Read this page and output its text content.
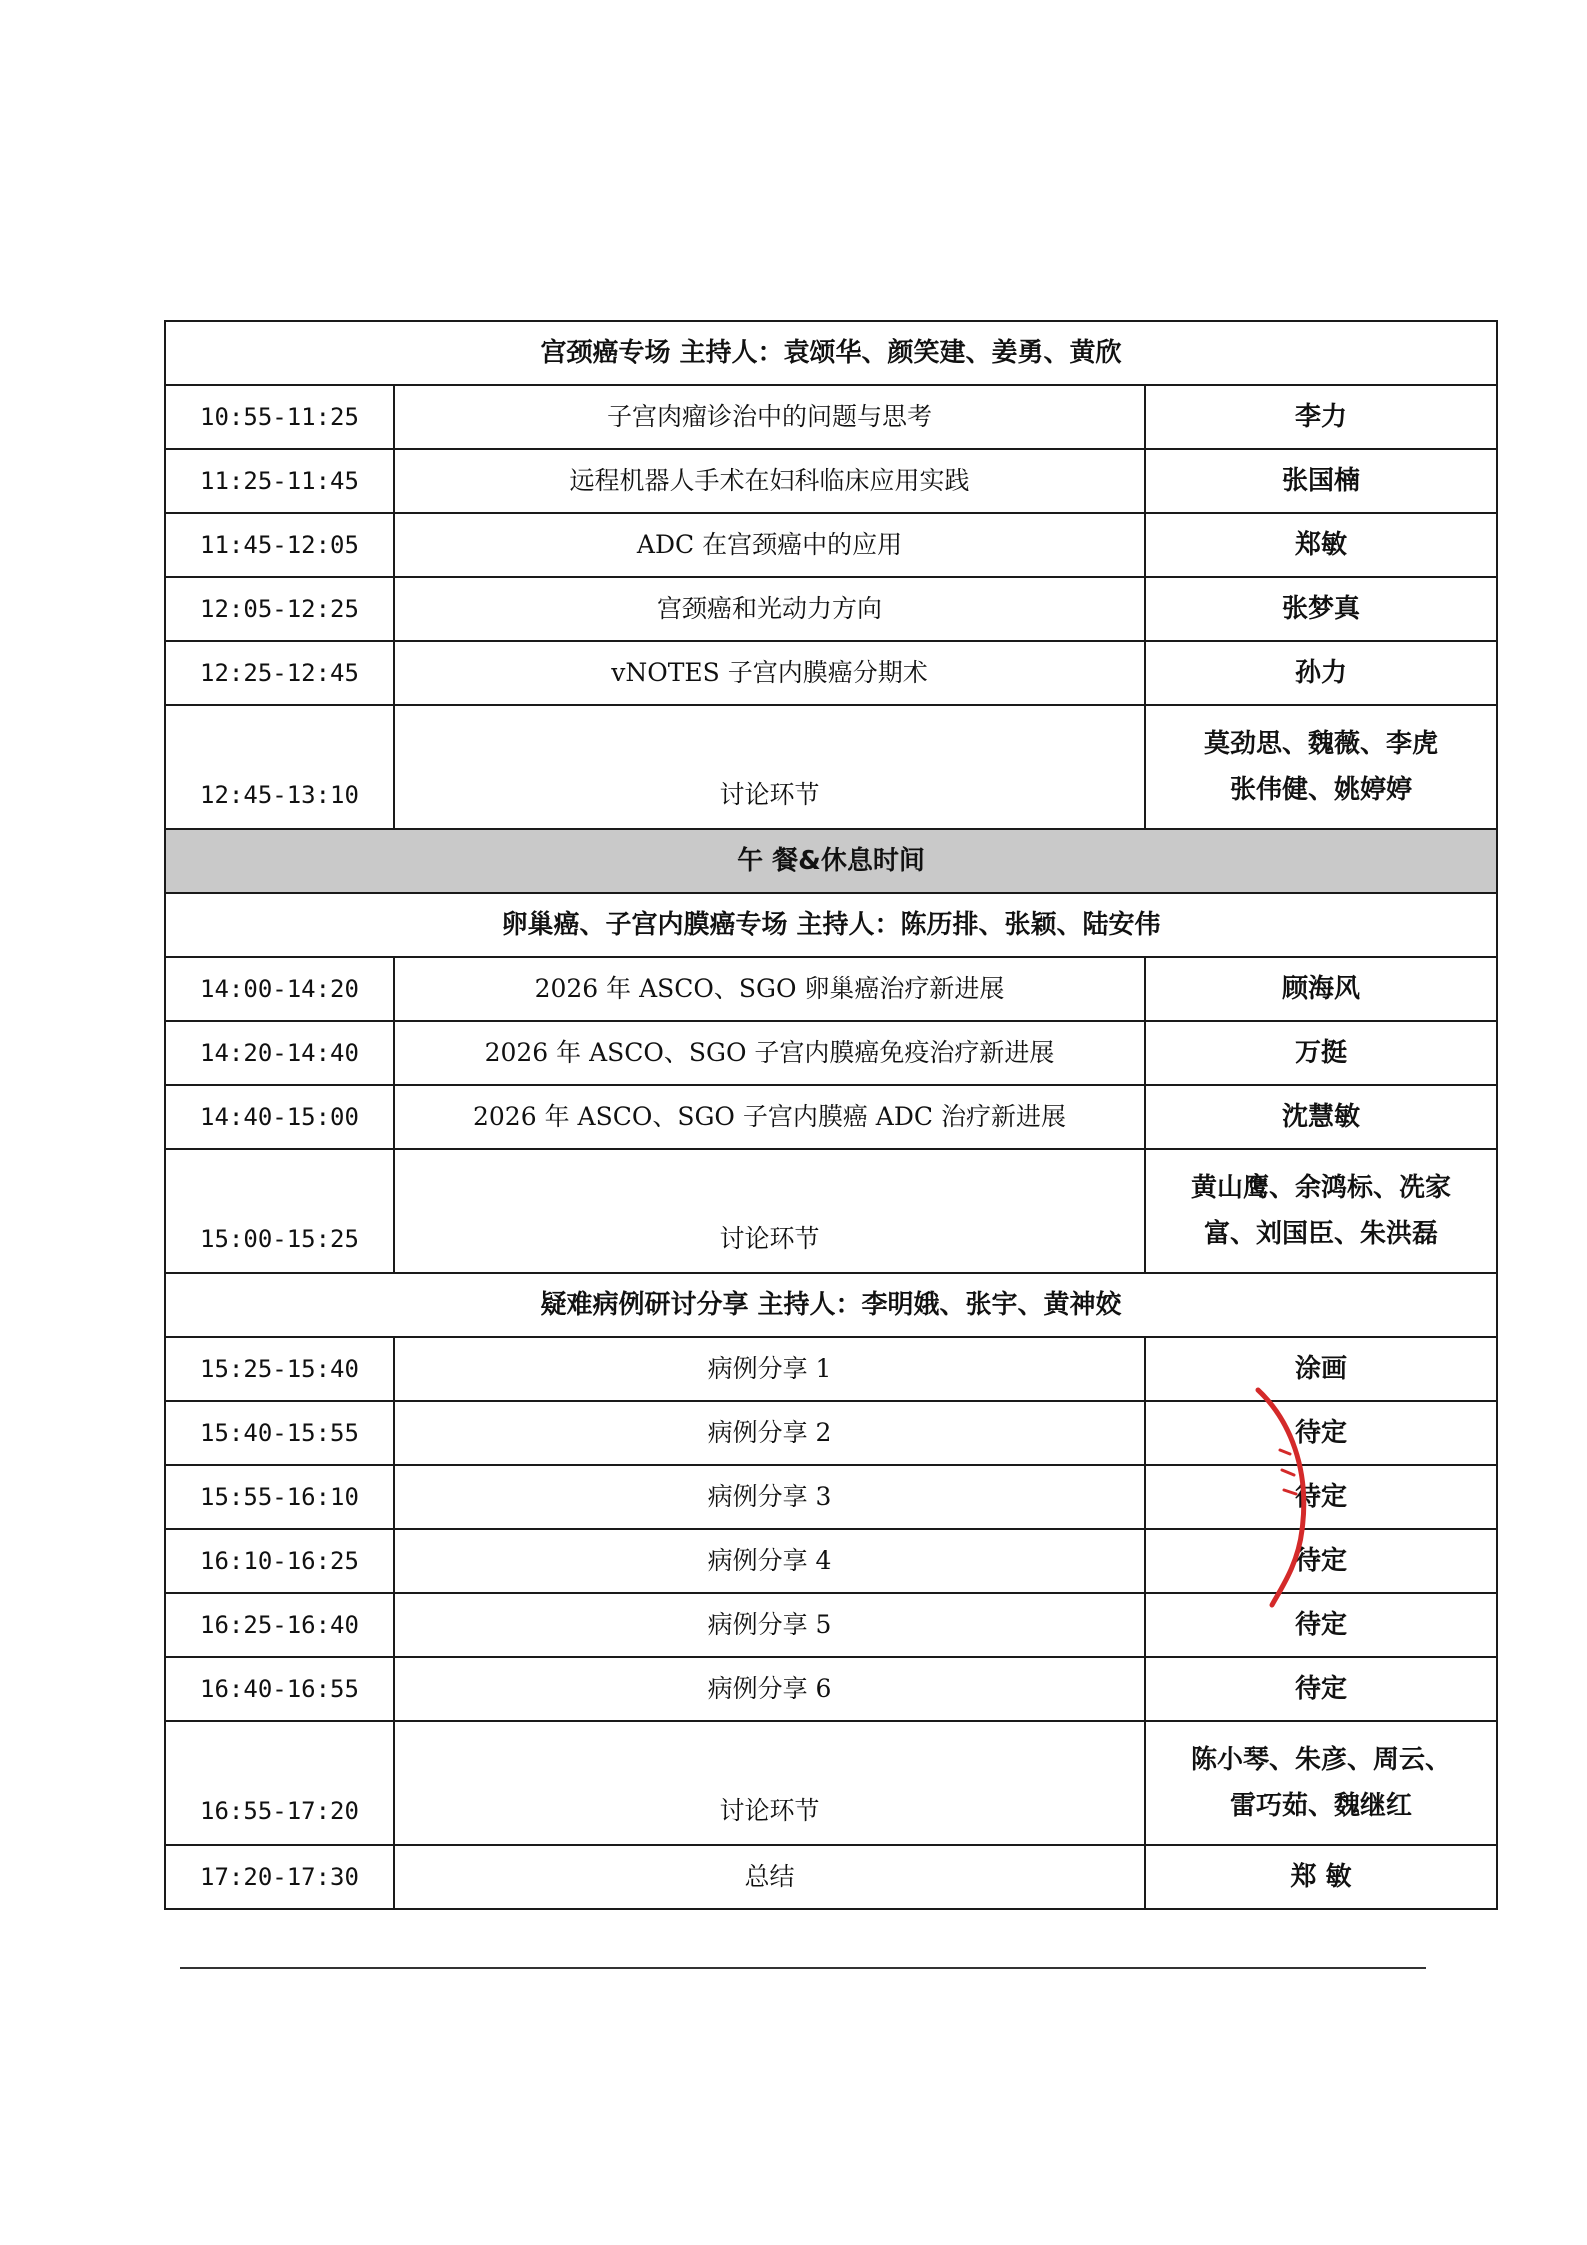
宫颈癌专场 主持人：袁颂华、颜笑建、姜勇、黄欣		
10:55-11:25	子宫肉瘤诊治中的问题与思考	李力
11:25-11:45	远程机器人手术在妇科临床应用实践	张国楠
11:45-12:05	ADC 在宫颈癌中的应用	郑敏
12:05-12:25	宫颈癌和光动力方向	张梦真
12:25-12:45	vNOTES 子宫内膜癌分期术	孙力
12:45-13:10	讨论环节	莫劲思、魏薇、李虎
张伟健、姚婷婷

午 餐&休息时间		
卵巢癌、子宫内膜癌专场 主持人：陈历排、张颖、陆安伟		
14:00-14:20	2026 年 ASCO、SGO 卵巢癌治疗新进展	顾海风
14:20-14:40	2026 年 ASCO、SGO 子宫内膜癌免疫治疗新进展	万挺
14:40-15:00	2026 年 ASCO、SGO 子宫内膜癌 ADC 治疗新进展	沈慧敏
15:00-15:25	讨论环节	黄山鹰、余鸿标、冼家
富、刘国臣、朱洪磊

疑难病例研讨分享 主持人：李明娥、张宇、黄神姣		
15:25-15:40	病例分享 1	涂画
15:40-15:55	病例分享 2	待定
15:55-16:10	病例分享 3	待定
16:10-16:25	病例分享 4	待定
16:25-16:40	病例分享 5	待定
16:40-16:55	病例分享 6	待定
16:55-17:20	讨论环节	陈小琴、朱彦、周云、
雷巧茹、魏继红

17:20-17:30	总结	郑 敏
